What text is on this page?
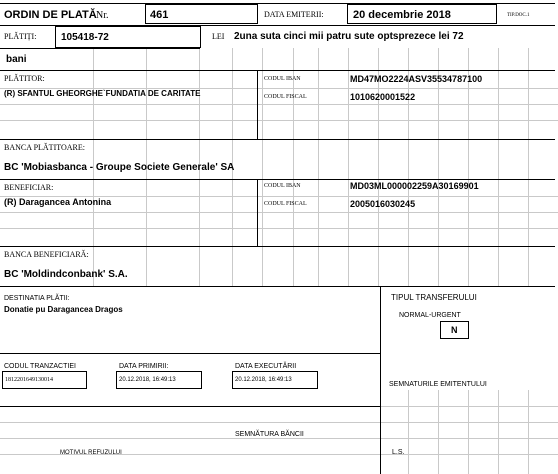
ORDIN DE PLATĂ Nr.	461	DATA EMITERII:	20 decembrie 2018	TIP.DOC.1
PLĂTIȚI: 105418-72	LEI 2una suta cinci mii patru sute optsprezece lei 72
bani
PLĂTITOR:
(R) SFANTUL GHEORGHE`FUNDATIA DE CARITATE
CODUL IBAN	MD47MO2224ASV35534787100
CODUL FISCAL	1010620001522
BANCA PLĂTITOARE:
BC 'Mobiasbanca - Groupe Societe Generale' SA
BENEFICIAR:
(R) Daragancea Antonina
CODUL IBAN	MD03ML000002259A30169901
CODUL FISCAL	2005016030245
BANCA BENEFICIARĂ:
BC 'Moldindconbank' S.A.
DESTINATIA PLĂTII:
Donatie pu Daragancea Dragos
TIPUL TRANSFERULUI
NORMAL-URGENT
N
CODUL TRANZACTIEI
1812201649130014
DATA PRIMIRII:
20.12.2018, 16:49:13
DATA EXECUTĂRII
20.12.2018, 16:49:13
SEMNATURILE EMITENTULUI
SEMNĂTURA BĂNCII
MOTIVUL REFUZULUI	L.S.
